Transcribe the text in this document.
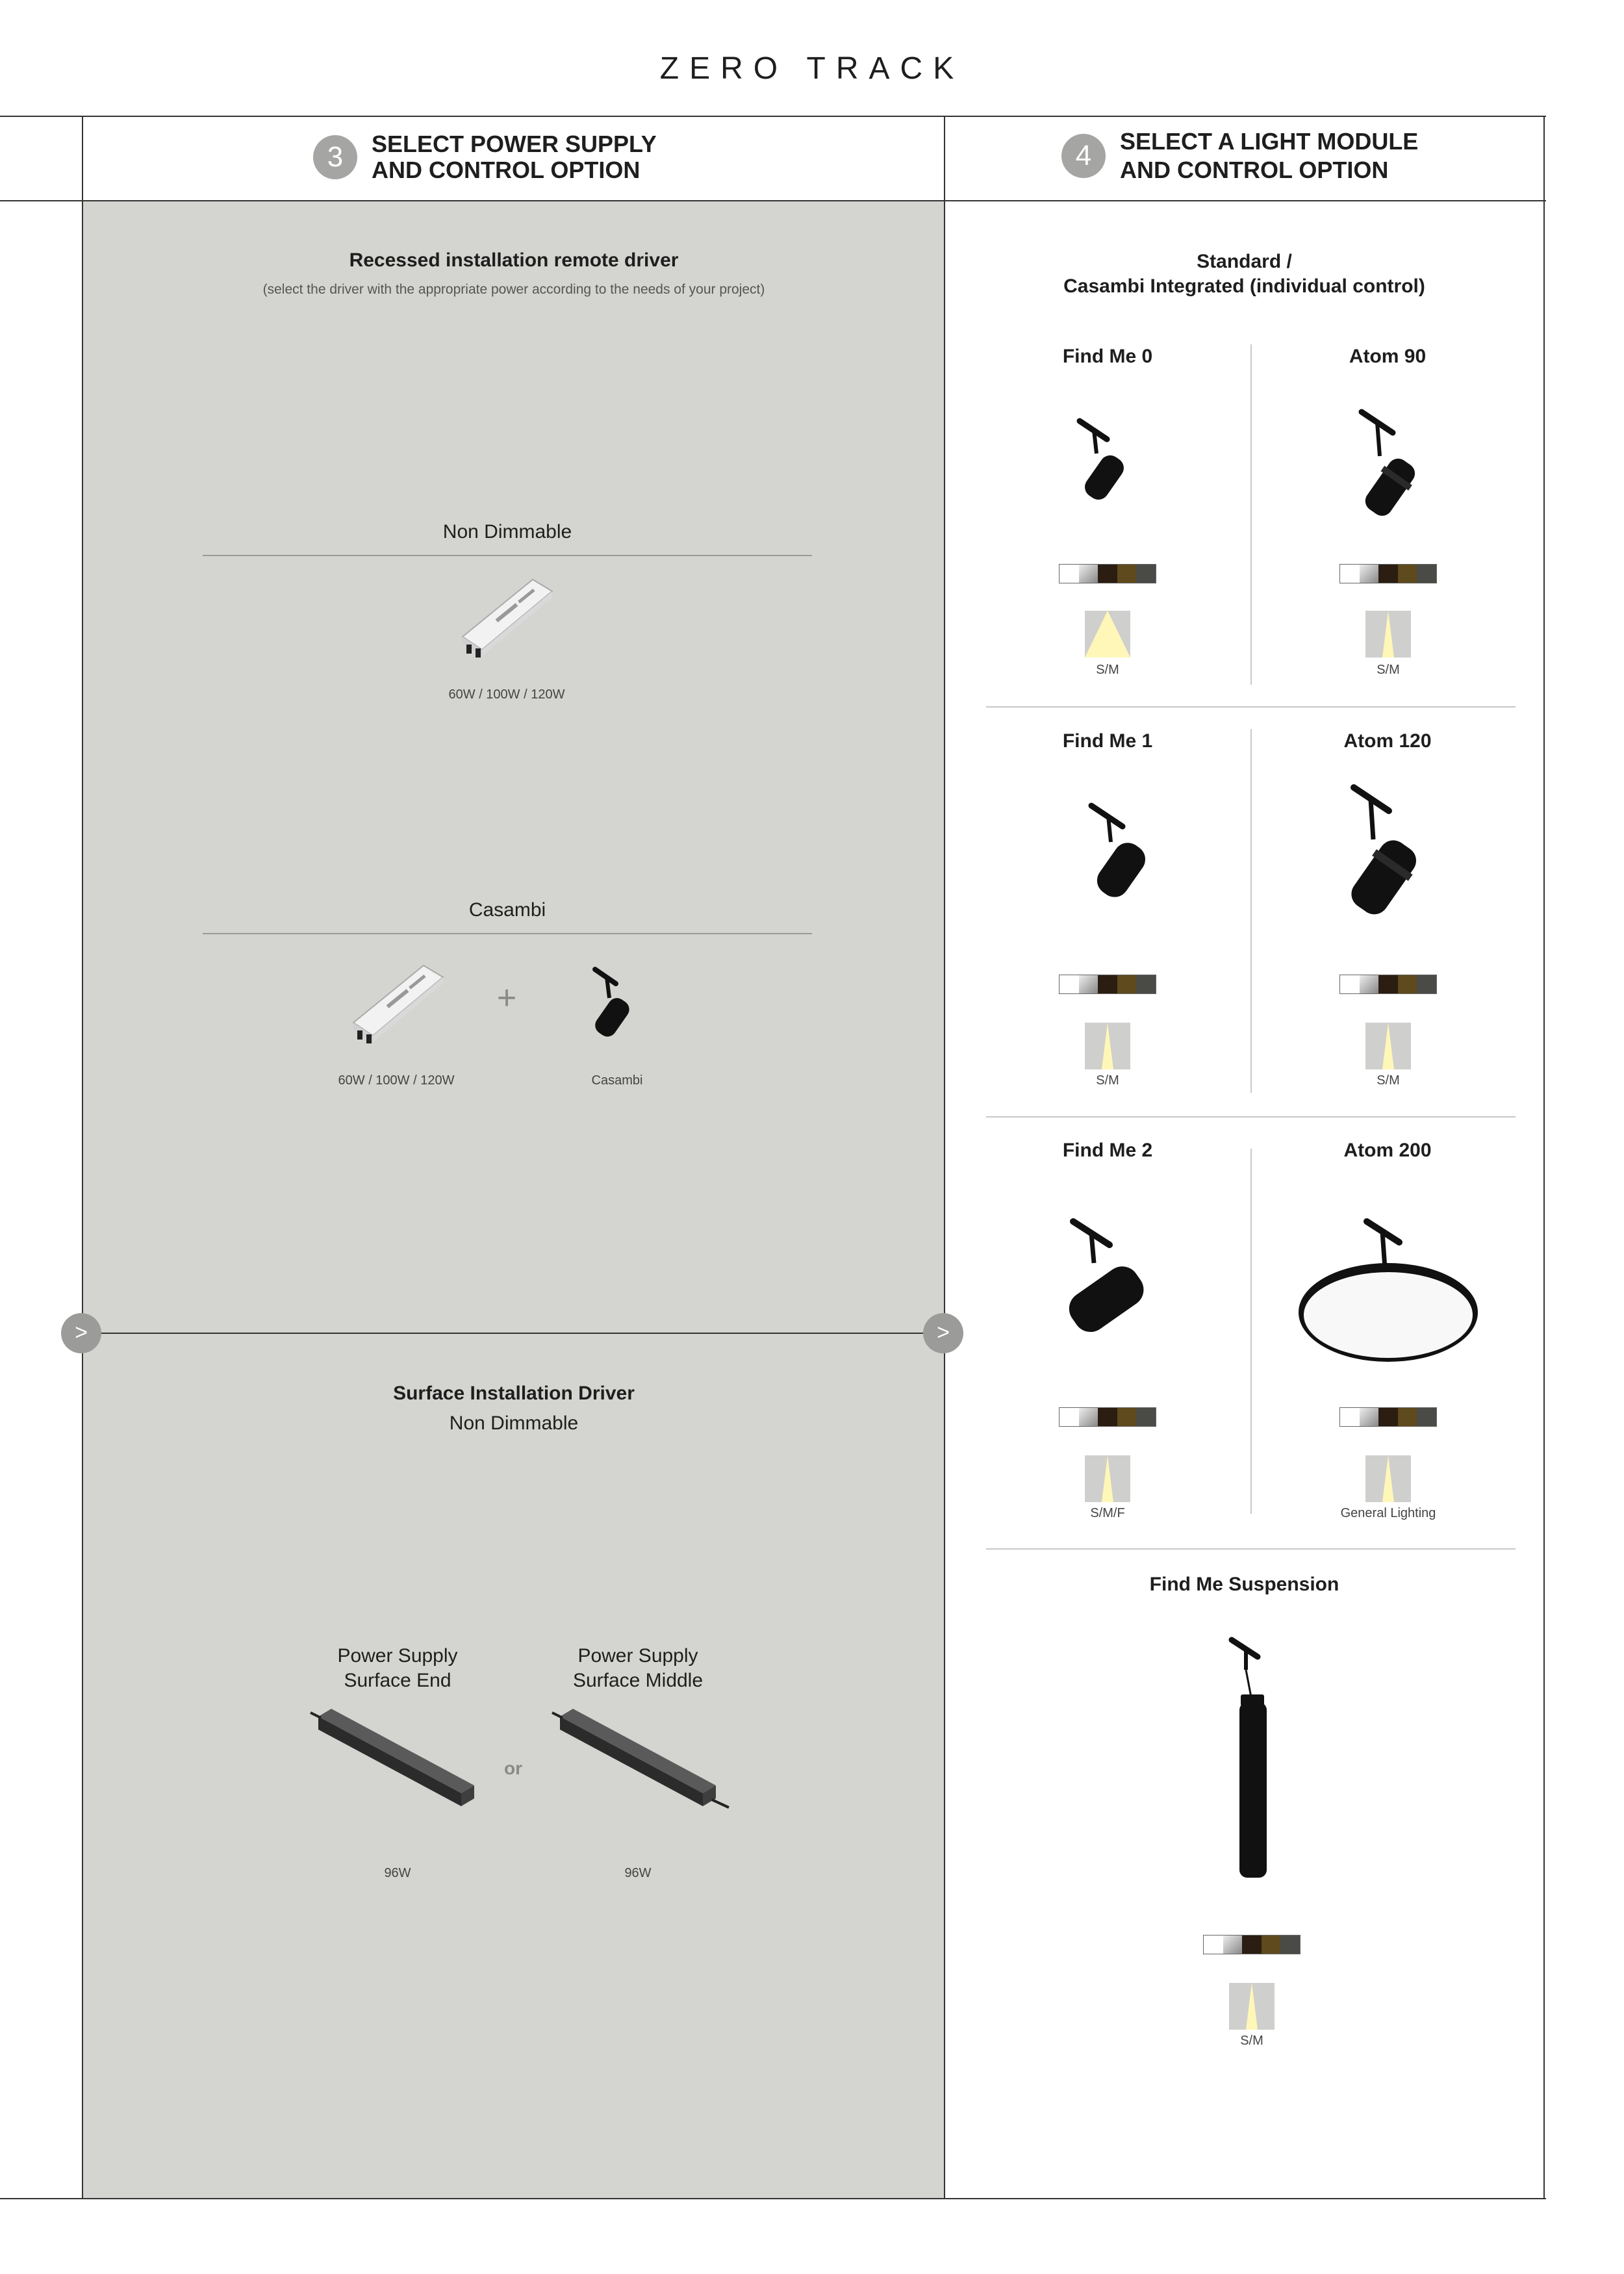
ZERO TRACK
3	SELECT POWER SUPPLY
AND CONTROL OPTION	4	SELECT A LIGHT MODULE
AND CONTROL OPTION
Recessed installation remote driver
(select the driver with the appropriate power according to the needs of your project)
Non Dimmable
60W / 100W / 120W
Casambi
+
60W / 100W / 120W	Casambi
>	>
Surface Installation Driver
Non Dimmable
Power Supply
Surface End
Power Supply
Surface Middle
or
96W	96W
Standard /
Casambi Integrated (individual control)
Find Me 0	Atom 90
S/M	S/M
Find Me 1	Atom 120
S/M	S/M
Find Me 2	Atom 200
S/M/F	General Lighting
Find Me Suspension
S/M
